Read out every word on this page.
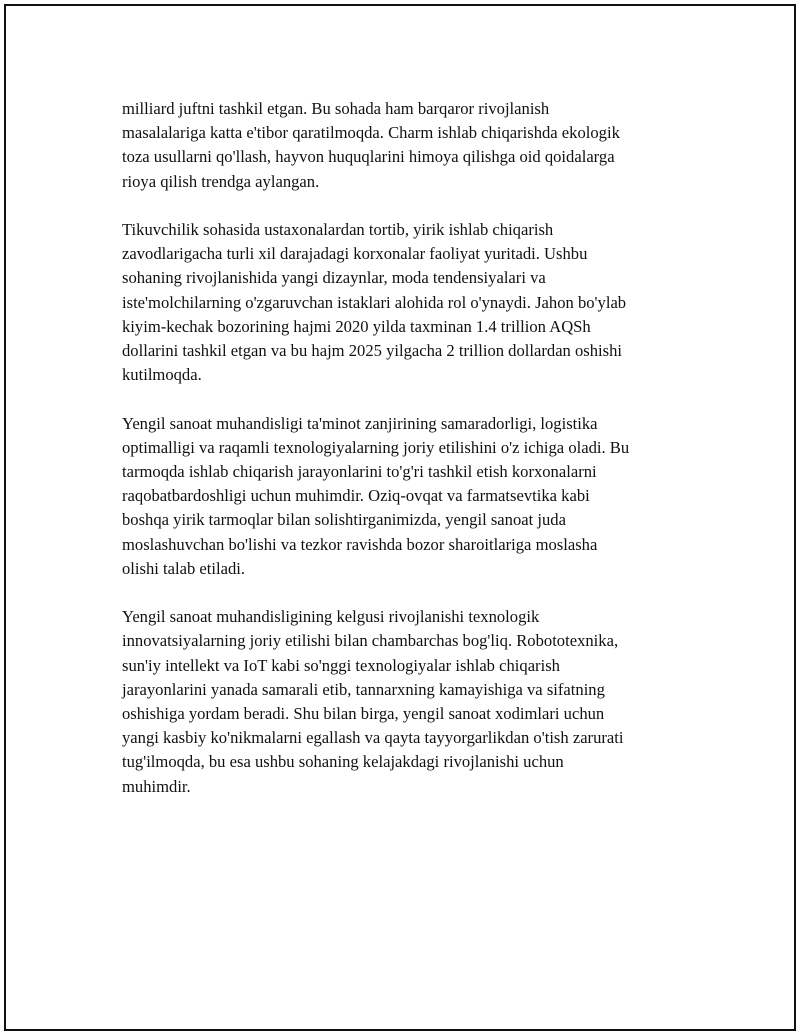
milliard juftni tashkil etgan. Bu sohada ham barqaror rivojlanish
masalalariga katta e'tibor qaratilmoqda. Charm ishlab chiqarishda ekologik
toza usullarni qo'llash, hayvon huquqlarini himoya qilishga oid qoidalarga
rioya qilish trendga aylangan.

Tikuvchilik sohasida ustaxonalardan tortib, yirik ishlab chiqarish
zavodlarigacha turli xil darajadagi korxonalar faoliyat yuritadi. Ushbu
sohaning rivojlanishida yangi dizaynlar, moda tendensiyalari va
iste'molchilarning o'zgaruvchan istaklari alohida rol o'ynaydi. Jahon bo'ylab
kiyim-kechak bozorining hajmi 2020 yilda taxminan 1.4 trillion AQSh
dollarini tashkil etgan va bu hajm 2025 yilgacha 2 trillion dollardan oshishi
kutilmoqda.

Yengil sanoat muhandisligi ta'minot zanjirining samaradorligi, logistika
optimalligi va raqamli texnologiyalarning joriy etilishini o'z ichiga oladi. Bu
tarmoqda ishlab chiqarish jarayonlarini to'g'ri tashkil etish korxonalarni
raqobatbardoshligi uchun muhimdir. Oziq-ovqat va farmatsevtika kabi
boshqa yirik tarmoqlar bilan solishtirganimizda, yengil sanoat juda
moslashuvchan bo'lishi va tezkor ravishda bozor sharoitlariga moslasha
olishi talab etiladi.

Yengil sanoat muhandisligining kelgusi rivojlanishi texnologik
innovatsiyalarning joriy etilishi bilan chambarchas bog'liq. Robototexnika,
sun'iy intellekt va IoT kabi so'nggi texnologiyalar ishlab chiqarish
jarayonlarini yanada samarali etib, tannarxning kamayishiga va sifatning
oshishiga yordam beradi. Shu bilan birga, yengil sanoat xodimlari uchun
yangi kasbiy ko'nikmalarni egallash va qayta tayyorgarlikdan o'tish zarurati
tug'ilmoqda, bu esa ushbu sohaning kelajakdagi rivojlanishi uchun
muhimdir.
